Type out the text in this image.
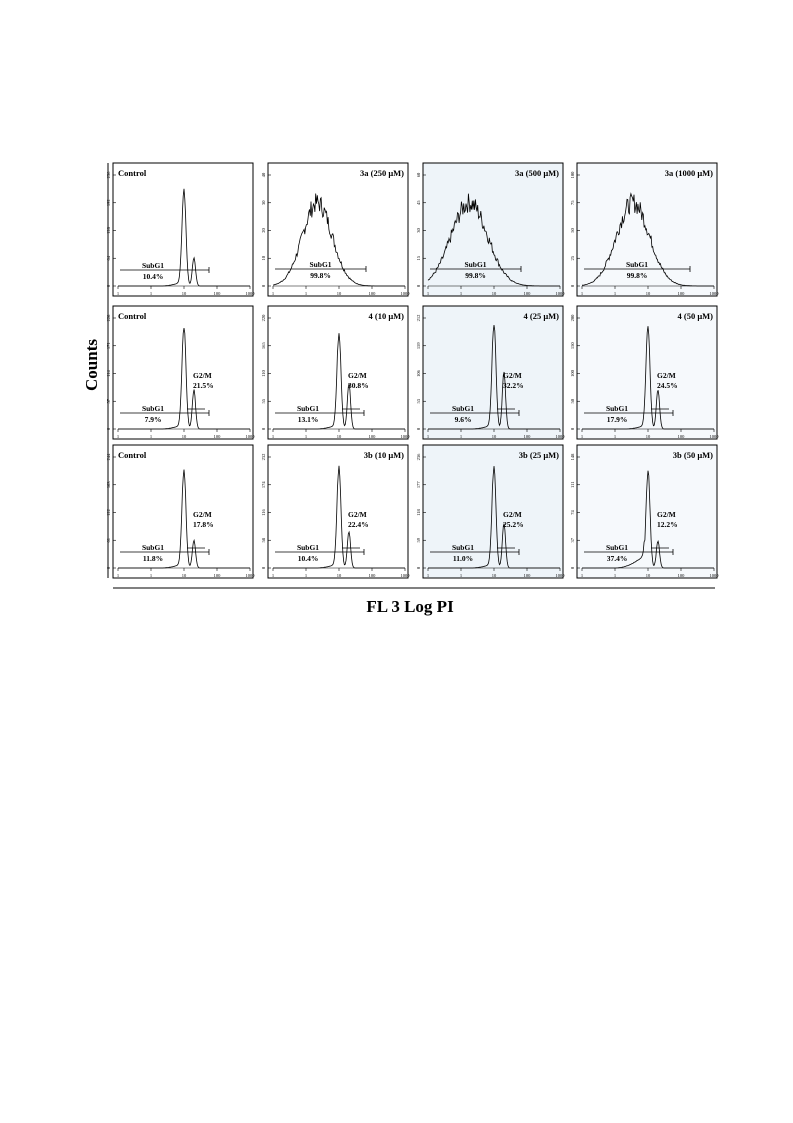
Control
1	1	10	100	1000
0
64
128
192
256
SubG1
10.4%
3a (250 μM)
1	1	10	100	1000
0
10
20
30
40
SubG1
99.8%
3a (500 μM)
1	1	10	100	1000
0
15
30
45
60
SubG1
99.8%
3a (1000 μM)
1	1	10	100	1000
0
25
50
75
100
SubG1
99.8%
Control
1	1	10	100	1000
0
57
114
171
228
SubG1
7.9%
G2/M
21.5%
4 (10 μM)
1	1	10	100	1000
0
55
110
165
220
SubG1
13.1%
G2/M
30.8%
4 (25 μM)
1	1	10	100	1000
0
53
106
159
212
SubG1
9.6%
G2/M
32.2%
4 (50 μM)
1	1	10	100	1000
0
50
100
150
200
SubG1
17.9%
G2/M
24.5%
Control
1	1	10	100	1000
0
61
122
183
244
SubG1
11.8%
G2/M
17.8%
3b (10 μM)
1	1	10	100	1000
0
58
116
174
232
SubG1
10.4%
G2/M
22.4%
3b (25 μM)
1	1	10	100	1000
0
59
118
177
236
SubG1
11.0%
G2/M
25.2%
3b (50 μM)
1	1	10	100	1000
0
37
74
111
148
SubG1
37.4%
G2/M
12.2%
Counts
FL 3 Log PI
